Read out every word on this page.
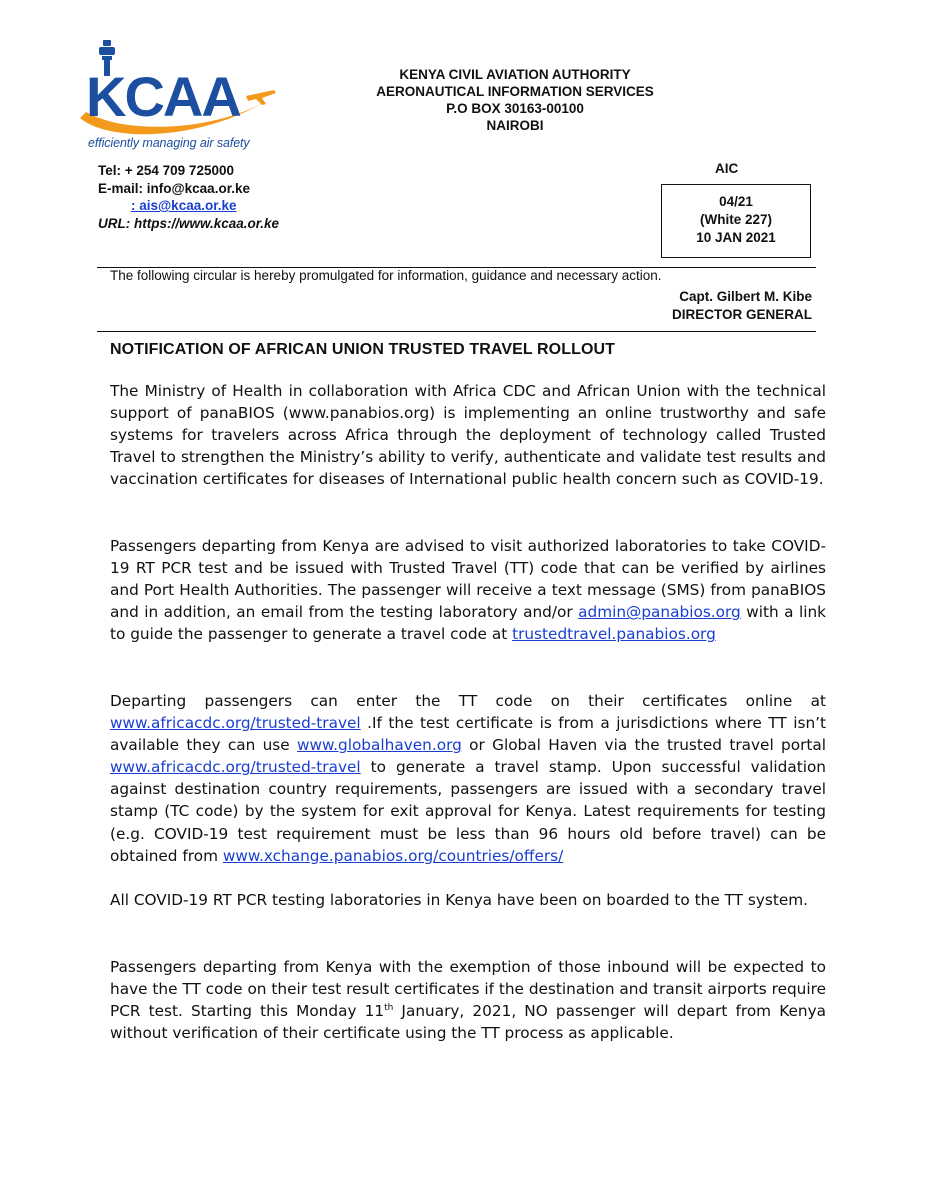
KCAA
efficiently managing air safety
KENYA CIVIL AVIATION AUTHORITY
AERONAUTICAL INFORMATION SERVICES
P.O BOX 30163-00100
NAIROBI
Tel: + 254 709 725000
E-mail: info@kcaa.or.ke
: ais@kcaa.or.ke
URL: https://www.kcaa.or.ke
AIC
04/21
(White 227)
10 JAN 2021
The following circular is hereby promulgated for information, guidance and necessary action.
Capt. Gilbert M. Kibe
DIRECTOR GENERAL
NOTIFICATION OF AFRICAN UNION TRUSTED TRAVEL ROLLOUT
The Ministry of Health in collaboration with Africa CDC and African Union with the technical support of panaBIOS (www.panabios.org) is implementing an online trustworthy and safe systems for travelers across Africa through the deployment of technology called Trusted Travel to strengthen the Ministry’s ability to verify, authenticate and validate test results and vaccination certificates for diseases of International public health concern such as COVID-19.
Passengers departing from Kenya are advised to visit authorized laboratories to take COVID-19 RT PCR test and be issued with Trusted Travel (TT) code that can be verified by airlines and Port Health Authorities. The passenger will receive a text message (SMS) from panaBIOS and in addition, an email from the testing laboratory and/or admin@panabios.org with a link to guide the passenger to generate a travel code at trustedtravel.panabios.org
Departing passengers can enter the TT code on their certificates online at www.africacdc.org/trusted-travel .If the test certificate is from a jurisdictions where TT isn’t available they can use www.globalhaven.org or Global Haven via the trusted travel portal www.africacdc.org/trusted-travel to generate a travel stamp. Upon successful validation against destination country requirements, passengers are issued with a secondary travel stamp (TC code) by the system for exit approval for Kenya. Latest requirements for testing (e.g. COVID-19 test requirement must be less than 96 hours old before travel) can be obtained from www.xchange.panabios.org/countries/offers/
All COVID-19 RT PCR testing laboratories in Kenya have been on boarded to the TT system.
Passengers departing from Kenya with the exemption of those inbound will be expected to have the TT code on their test result certificates if the destination and transit airports require PCR test. Starting this Monday 11th January, 2021, NO passenger will depart from Kenya without verification of their certificate using the TT process as applicable.
